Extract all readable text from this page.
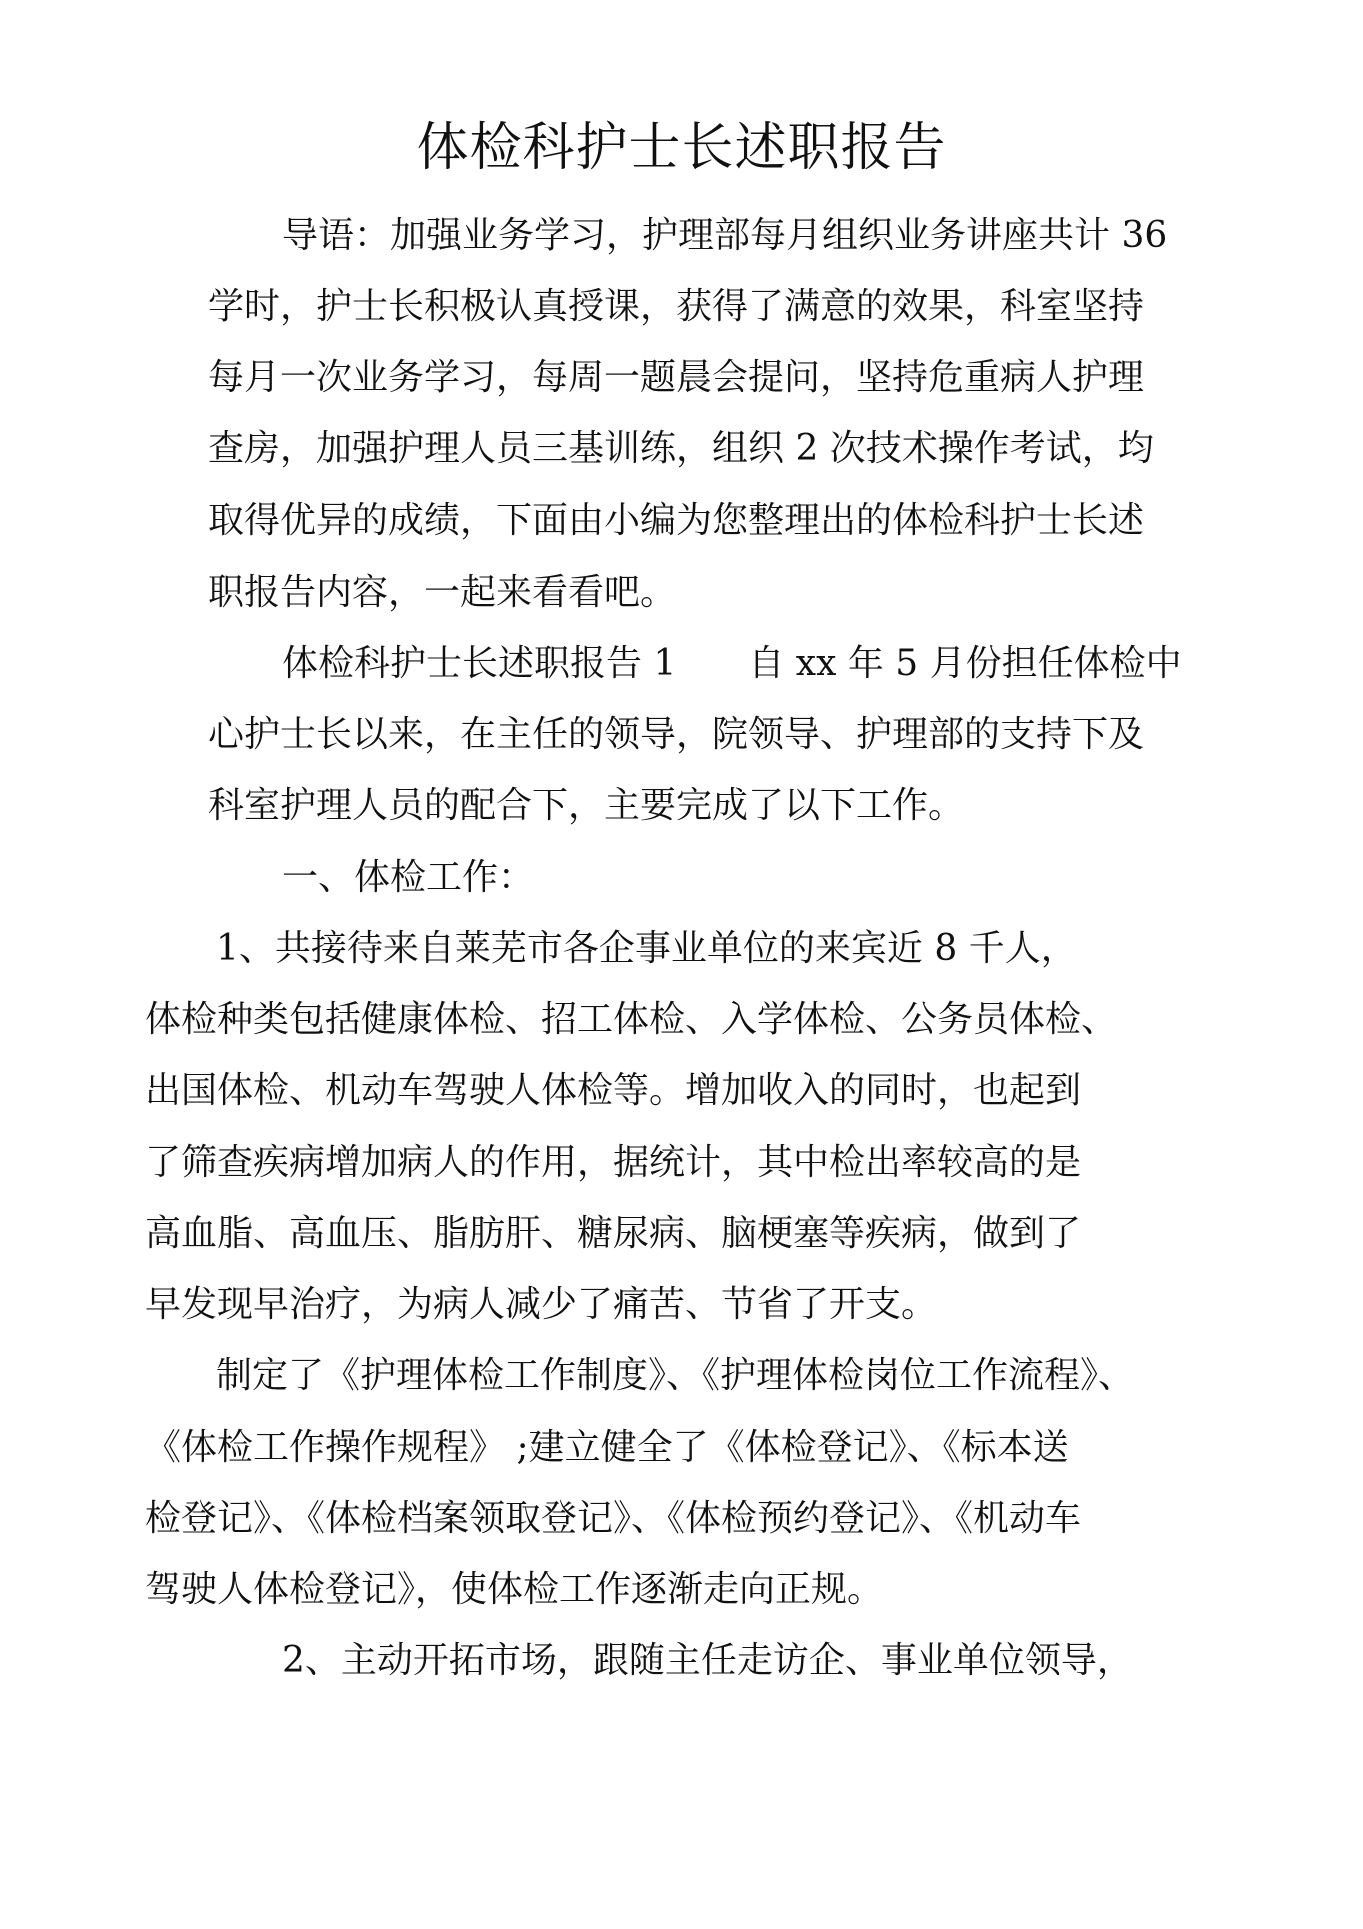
体检科护士长述职报告
导语：加强业务学习，护理部每月组织业务讲座共计 36
学时，护士长积极认真授课，获得了满意的效果，科室坚持
每月一次业务学习，每周一题晨会提问，坚持危重病人护理
查房，加强护理人员三基训练，组织 2 次技术操作考试，均
取得优异的成绩，下面由小编为您整理出的体检科护士长述
职报告内容，一起来看看吧。
体检科护士长述职报告 1　　自 xx 年 5 月份担任体检中
心护士长以来，在主任的领导，院领导、护理部的支持下及
科室护理人员的配合下，主要完成了以下工作。
一、体检工作：
1、共接待来自莱芜市各企事业单位的来宾近 8 千人，
体检种类包括健康体检、招工体检、入学体检、公务员体检、
出国体检、机动车驾驶人体检等。增加收入的同时，也起到
了筛查疾病增加病人的作用，据统计，其中检出率较高的是
高血脂、高血压、脂肪肝、糖尿病、脑梗塞等疾病，做到了
早发现早治疗，为病人减少了痛苦、节省了开支。
制定了《护理体检工作制度》、《护理体检岗位工作流程》、
《体检工作操作规程》 ;建立健全了《体检登记》、《标本送
检登记》、《体检档案领取登记》、《体检预约登记》、《机动车
驾驶人体检登记》，使体检工作逐渐走向正规。
2、主动开拓市场，跟随主任走访企、事业单位领导，
